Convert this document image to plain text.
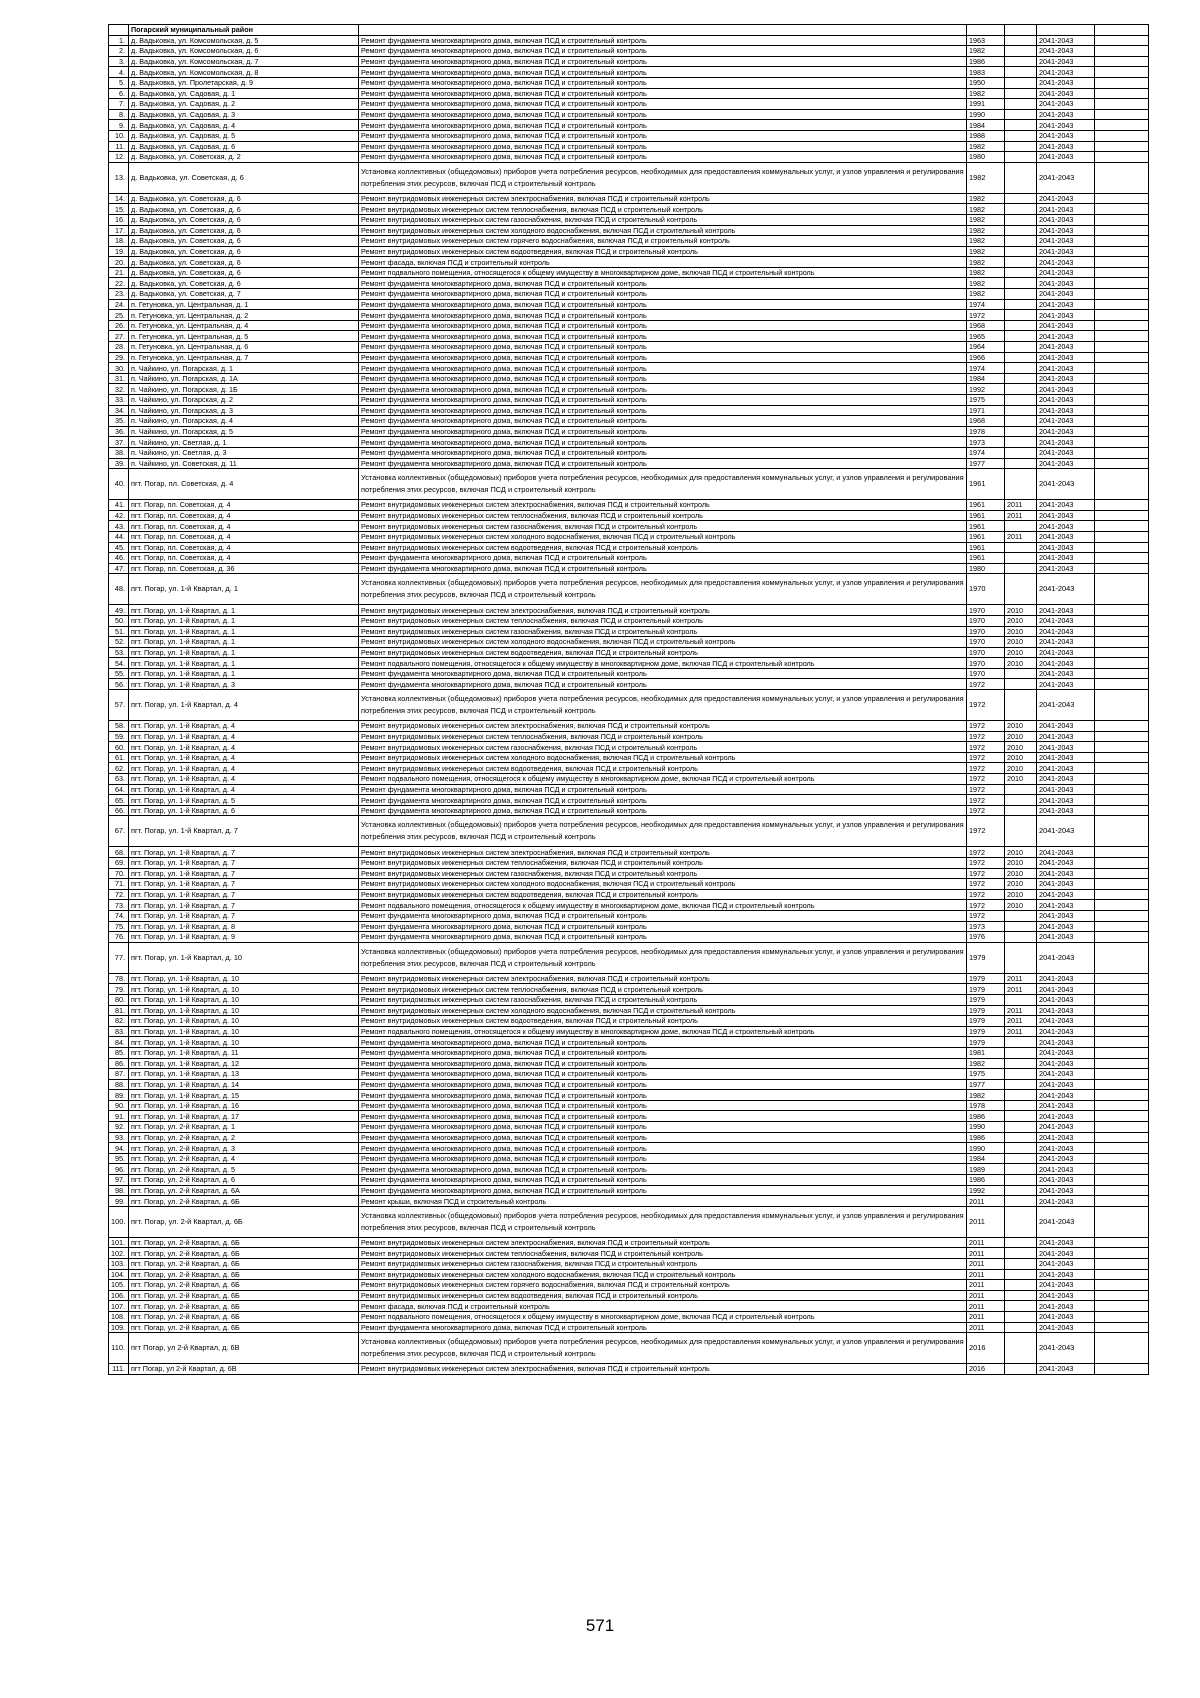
	Погарский муниципальный район					
1.	д. Вадьковка, ул. Комсомольская, д. 5	Ремонт фундамента многоквартирного дома, включая ПСД и строительный контроль	1963		2041-2043	
2.	д. Вадьковка, ул. Комсомольская, д. 6	Ремонт фундамента многоквартирного дома, включая ПСД и строительный контроль	1982		2041-2043	
3.	д. Вадьковка, ул. Комсомольская, д. 7	Ремонт фундамента многоквартирного дома, включая ПСД и строительный контроль	1986		2041-2043	
4.	д. Вадьковка, ул. Комсомольская, д. 8	Ремонт фундамента многоквартирного дома, включая ПСД и строительный контроль	1983		2041-2043	
5.	д. Вадьковка, ул. Пролетарская, д. 9	Ремонт фундамента многоквартирного дома, включая ПСД и строительный контроль	1950		2041-2043	
6.	д. Вадьковка, ул. Садовая, д. 1	Ремонт фундамента многоквартирного дома, включая ПСД и строительный контроль	1982		2041-2043	
7.	д. Вадьковка, ул. Садовая, д. 2	Ремонт фундамента многоквартирного дома, включая ПСД и строительный контроль	1991		2041-2043	
8.	д. Вадьковка, ул. Садовая, д. 3	Ремонт фундамента многоквартирного дома, включая ПСД и строительный контроль	1990		2041-2043	
9.	д. Вадьковка, ул. Садовая, д. 4	Ремонт фундамента многоквартирного дома, включая ПСД и строительный контроль	1984		2041-2043	
10.	д. Вадьковка, ул. Садовая, д. 5	Ремонт фундамента многоквартирного дома, включая ПСД и строительный контроль	1988		2041-2043	
11.	д. Вадьковка, ул. Садовая, д. 6	Ремонт фундамента многоквартирного дома, включая ПСД и строительный контроль	1982		2041-2043	
12.	д. Вадьковка, ул. Советская, д. 2	Ремонт фундамента многоквартирного дома, включая ПСД и строительный контроль	1980		2041-2043	
13.	д. Вадьковка, ул. Советская, д. 6	Установка коллективных (общедомовых) приборов учета потребления ресурсов, необходимых для предоставления коммунальных услуг, и узлов управления и регулирования потребления этих ресурсов, включая ПСД и строительный контроль	1982		2041-2043	
14.	д. Вадьковка, ул. Советская, д. 6	Ремонт внутридомовых инженерных систем электроснабжения, включая ПСД и строительный контроль	1982		2041-2043	
15.	д. Вадьковка, ул. Советская, д. 6	Ремонт внутридомовых инженерных систем теплоснабжения, включая ПСД и строительный контроль	1982		2041-2043	
16.	д. Вадьковка, ул. Советская, д. 6	Ремонт внутридомовых инженерных систем газоснабжения, включая ПСД и строительный контроль	1982		2041-2043	
17.	д. Вадьковка, ул. Советская, д. 6	Ремонт внутридомовых инженерных систем холодного водоснабжения, включая ПСД и строительный контроль	1982		2041-2043	
18.	д. Вадьковка, ул. Советская, д. 6	Ремонт внутридомовых инженерных систем горячего водоснабжения, включая ПСД и строительный контроль	1982		2041-2043	
19.	д. Вадьковка, ул. Советская, д. 6	Ремонт внутридомовых инженерных систем водоотведения, включая ПСД и строительный контроль	1982		2041-2043	
20.	д. Вадьковка, ул. Советская, д. 6	Ремонт фасада, включая ПСД и строительный контроль	1982		2041-2043	
21.	д. Вадьковка, ул. Советская, д. 6	Ремонт подвального помещения, относящегося к общему имуществу в многоквартирном доме, включая ПСД и строительный контроль	1982		2041-2043	
22.	д. Вадьковка, ул. Советская, д. 6	Ремонт фундамента многоквартирного дома, включая ПСД и строительный контроль	1982		2041-2043	
23.	д. Вадьковка, ул. Советская, д. 7	Ремонт фундамента многоквартирного дома, включая ПСД и строительный контроль	1982		2041-2043	
24.	п. Гетуновка, ул. Центральная, д. 1	Ремонт фундамента многоквартирного дома, включая ПСД и строительный контроль	1974		2041-2043	
25.	п. Гетуновка, ул. Центральная, д. 2	Ремонт фундамента многоквартирного дома, включая ПСД и строительный контроль	1972		2041-2043	
26.	п. Гетуновка, ул. Центральная, д. 4	Ремонт фундамента многоквартирного дома, включая ПСД и строительный контроль	1968		2041-2043	
27.	п. Гетуновка, ул. Центральная, д. 5	Ремонт фундамента многоквартирного дома, включая ПСД и строительный контроль	1965		2041-2043	
28.	п. Гетуновка, ул. Центральная, д. 6	Ремонт фундамента многоквартирного дома, включая ПСД и строительный контроль	1964		2041-2043	
29.	п. Гетуновка, ул. Центральная, д. 7	Ремонт фундамента многоквартирного дома, включая ПСД и строительный контроль	1966		2041-2043	
30.	п. Чайкино, ул. Погарская, д. 1	Ремонт фундамента многоквартирного дома, включая ПСД и строительный контроль	1974		2041-2043	
31.	п. Чайкино, ул. Погарская, д. 1А	Ремонт фундамента многоквартирного дома, включая ПСД и строительный контроль	1984		2041-2043	
32.	п. Чайкино, ул. Погарская, д. 1Б	Ремонт фундамента многоквартирного дома, включая ПСД и строительный контроль	1992		2041-2043	
33.	п. Чайкино, ул. Погарская, д. 2	Ремонт фундамента многоквартирного дома, включая ПСД и строительный контроль	1975		2041-2043	
34.	п. Чайкино, ул. Погарская, д. 3	Ремонт фундамента многоквартирного дома, включая ПСД и строительный контроль	1971		2041-2043	
35.	п. Чайкино, ул. Погарская, д. 4	Ремонт фундамента многоквартирного дома, включая ПСД и строительный контроль	1968		2041-2043	
36.	п. Чайкино, ул. Погарская, д. 5	Ремонт фундамента многоквартирного дома, включая ПСД и строительный контроль	1978		2041-2043	
37.	п. Чайкино, ул. Светлая, д. 1	Ремонт фундамента многоквартирного дома, включая ПСД и строительный контроль	1973		2041-2043	
38.	п. Чайкино, ул. Светлая, д. 3	Ремонт фундамента многоквартирного дома, включая ПСД и строительный контроль	1974		2041-2043	
39.	п. Чайкино, ул. Советская, д. 11	Ремонт фундамента многоквартирного дома, включая ПСД и строительный контроль	1977		2041-2043	
40.	пгт. Погар, пл. Советская, д. 4	Установка коллективных (общедомовых) приборов учета потребления ресурсов, необходимых для предоставления коммунальных услуг, и узлов управления и регулирования потребления этих ресурсов, включая ПСД и строительный контроль	1961		2041-2043	
41.	пгт. Погар, пл. Советская, д. 4	Ремонт внутридомовых инженерных систем электроснабжения, включая ПСД и строительный контроль	1961	2011	2041-2043	
42.	пгт. Погар, пл. Советская, д. 4	Ремонт внутридомовых инженерных систем теплоснабжения, включая ПСД и строительный контроль	1961	2011	2041-2043	
43.	пгт. Погар, пл. Советская, д. 4	Ремонт внутридомовых инженерных систем газоснабжения, включая ПСД и строительный контроль	1961		2041-2043	
44.	пгт. Погар, пл. Советская, д. 4	Ремонт внутридомовых инженерных систем холодного водоснабжения, включая ПСД и строительный контроль	1961	2011	2041-2043	
45.	пгт. Погар, пл. Советская, д. 4	Ремонт внутридомовых инженерных систем водоотведения, включая ПСД и строительный контроль	1961		2041-2043	
46.	пгт. Погар, пл. Советская, д. 4	Ремонт фундамента многоквартирного дома, включая ПСД и строительный контроль	1961		2041-2043	
47.	пгт. Погар, пл. Советская, д. 36	Ремонт фундамента многоквартирного дома, включая ПСД и строительный контроль	1980		2041-2043	
48.	пгт. Погар, ул. 1-й Квартал, д. 1	Установка коллективных (общедомовых) приборов учета потребления ресурсов, необходимых для предоставления коммунальных услуг, и узлов управления и регулирования потребления этих ресурсов, включая ПСД и строительный контроль	1970		2041-2043	
49.	пгт. Погар, ул. 1-й Квартал, д. 1	Ремонт внутридомовых инженерных систем электроснабжения, включая ПСД и строительный контроль	1970	2010	2041-2043	
50.	пгт. Погар, ул. 1-й Квартал, д. 1	Ремонт внутридомовых инженерных систем теплоснабжения, включая ПСД и строительный контроль	1970	2010	2041-2043	
51.	пгт. Погар, ул. 1-й Квартал, д. 1	Ремонт внутридомовых инженерных систем газоснабжения, включая ПСД и строительный контроль	1970	2010	2041-2043	
52.	пгт. Погар, ул. 1-й Квартал, д. 1	Ремонт внутридомовых инженерных систем холодного водоснабжения, включая ПСД и строительный контроль	1970	2010	2041-2043	
53.	пгт. Погар, ул. 1-й Квартал, д. 1	Ремонт внутридомовых инженерных систем водоотведения, включая ПСД и строительный контроль	1970	2010	2041-2043	
54.	пгт. Погар, ул. 1-й Квартал, д. 1	Ремонт подвального помещения, относящегося к общему имуществу в многоквартирном доме, включая ПСД и строительный контроль	1970	2010	2041-2043	
55.	пгт. Погар, ул. 1-й Квартал, д. 1	Ремонт фундамента многоквартирного дома, включая ПСД и строительный контроль	1970		2041-2043	
56.	пгт. Погар, ул. 1-й Квартал, д. 3	Ремонт фундамента многоквартирного дома, включая ПСД и строительный контроль	1972		2041-2043	
57.	пгт. Погар, ул. 1-й Квартал, д. 4	Установка коллективных (общедомовых) приборов учета потребления ресурсов, необходимых для предоставления коммунальных услуг, и узлов управления и регулирования потребления этих ресурсов, включая ПСД и строительный контроль	1972		2041-2043	
58.	пгт. Погар, ул. 1-й Квартал, д. 4	Ремонт внутридомовых инженерных систем электроснабжения, включая ПСД и строительный контроль	1972	2010	2041-2043	
59.	пгт. Погар, ул. 1-й Квартал, д. 4	Ремонт внутридомовых инженерных систем теплоснабжения, включая ПСД и строительный контроль	1972	2010	2041-2043	
60.	пгт. Погар, ул. 1-й Квартал, д. 4	Ремонт внутридомовых инженерных систем газоснабжения, включая ПСД и строительный контроль	1972	2010	2041-2043	
61.	пгт. Погар, ул. 1-й Квартал, д. 4	Ремонт внутридомовых инженерных систем холодного водоснабжения, включая ПСД и строительный контроль	1972	2010	2041-2043	
62.	пгт. Погар, ул. 1-й Квартал, д. 4	Ремонт внутридомовых инженерных систем водоотведения, включая ПСД и строительный контроль	1972	2010	2041-2043	
63.	пгт. Погар, ул. 1-й Квартал, д. 4	Ремонт подвального помещения, относящегося к общему имуществу в многоквартирном доме, включая ПСД и строительный контроль	1972	2010	2041-2043	
64.	пгт. Погар, ул. 1-й Квартал, д. 4	Ремонт фундамента многоквартирного дома, включая ПСД и строительный контроль	1972		2041-2043	
65.	пгт. Погар, ул. 1-й Квартал, д. 5	Ремонт фундамента многоквартирного дома, включая ПСД и строительный контроль	1972		2041-2043	
66.	пгт. Погар, ул. 1-й Квартал, д. 6	Ремонт фундамента многоквартирного дома, включая ПСД и строительный контроль	1972		2041-2043	
67.	пгт. Погар, ул. 1-й Квартал, д. 7	Установка коллективных (общедомовых) приборов учета потребления ресурсов, необходимых для предоставления коммунальных услуг, и узлов управления и регулирования потребления этих ресурсов, включая ПСД и строительный контроль	1972		2041-2043	
68.	пгт. Погар, ул. 1-й Квартал, д. 7	Ремонт внутридомовых инженерных систем электроснабжения, включая ПСД и строительный контроль	1972	2010	2041-2043	
69.	пгт. Погар, ул. 1-й Квартал, д. 7	Ремонт внутридомовых инженерных систем теплоснабжения, включая ПСД и строительный контроль	1972	2010	2041-2043	
70.	пгт. Погар, ул. 1-й Квартал, д. 7	Ремонт внутридомовых инженерных систем газоснабжения, включая ПСД и строительный контроль	1972	2010	2041-2043	
71.	пгт. Погар, ул. 1-й Квартал, д. 7	Ремонт внутридомовых инженерных систем холодного водоснабжения, включая ПСД и строительный контроль	1972	2010	2041-2043	
72.	пгт. Погар, ул. 1-й Квартал, д. 7	Ремонт внутридомовых инженерных систем водоотведения, включая ПСД и строительный контроль	1972	2010	2041-2043	
73.	пгт. Погар, ул. 1-й Квартал, д. 7	Ремонт подвального помещения, относящегося к общему имуществу в многоквартирном доме, включая ПСД и строительный контроль	1972	2010	2041-2043	
74.	пгт. Погар, ул. 1-й Квартал, д. 7	Ремонт фундамента многоквартирного дома, включая ПСД и строительный контроль	1972		2041-2043	
75.	пгт. Погар, ул. 1-й Квартал, д. 8	Ремонт фундамента многоквартирного дома, включая ПСД и строительный контроль	1973		2041-2043	
76.	пгт. Погар, ул. 1-й Квартал, д. 9	Ремонт фундамента многоквартирного дома, включая ПСД и строительный контроль	1976		2041-2043	
77.	пгт. Погар, ул. 1-й Квартал, д. 10	Установка коллективных (общедомовых) приборов учета потребления ресурсов, необходимых для предоставления коммунальных услуг, и узлов управления и регулирования потребления этих ресурсов, включая ПСД и строительный контроль	1979		2041-2043	
78.	пгт. Погар, ул. 1-й Квартал, д. 10	Ремонт внутридомовых инженерных систем электроснабжения, включая ПСД и строительный контроль	1979	2011	2041-2043	
79.	пгт. Погар, ул. 1-й Квартал, д. 10	Ремонт внутридомовых инженерных систем теплоснабжения, включая ПСД и строительный контроль	1979	2011	2041-2043	
80.	пгт. Погар, ул. 1-й Квартал, д. 10	Ремонт внутридомовых инженерных систем газоснабжения, включая ПСД и строительный контроль	1979		2041-2043	
81.	пгт. Погар, ул. 1-й Квартал, д. 10	Ремонт внутридомовых инженерных систем холодного водоснабжения, включая ПСД и строительный контроль	1979	2011	2041-2043	
82.	пгт. Погар, ул. 1-й Квартал, д. 10	Ремонт внутридомовых инженерных систем водоотведения, включая ПСД и строительный контроль	1979	2011	2041-2043	
83.	пгт. Погар, ул. 1-й Квартал, д. 10	Ремонт подвального помещения, относящегося к общему имуществу в многоквартирном доме, включая ПСД и строительный контроль	1979	2011	2041-2043	
84.	пгт. Погар, ул. 1-й Квартал, д. 10	Ремонт фундамента многоквартирного дома, включая ПСД и строительный контроль	1979		2041-2043	
85.	пгт. Погар, ул. 1-й Квартал, д. 11	Ремонт фундамента многоквартирного дома, включая ПСД и строительный контроль	1981		2041-2043	
86.	пгт. Погар, ул. 1-й Квартал, д. 12	Ремонт фундамента многоквартирного дома, включая ПСД и строительный контроль	1982		2041-2043	
87.	пгт. Погар, ул. 1-й Квартал, д. 13	Ремонт фундамента многоквартирного дома, включая ПСД и строительный контроль	1975		2041-2043	
88.	пгт. Погар, ул. 1-й Квартал, д. 14	Ремонт фундамента многоквартирного дома, включая ПСД и строительный контроль	1977		2041-2043	
89.	пгт. Погар, ул. 1-й Квартал, д. 15	Ремонт фундамента многоквартирного дома, включая ПСД и строительный контроль	1982		2041-2043	
90.	пгт. Погар, ул. 1-й Квартал, д. 16	Ремонт фундамента многоквартирного дома, включая ПСД и строительный контроль	1978		2041-2043	
91.	пгт. Погар, ул. 1-й Квартал, д. 17	Ремонт фундамента многоквартирного дома, включая ПСД и строительный контроль	1986		2041-2043	
92.	пгт. Погар, ул. 2-й Квартал, д. 1	Ремонт фундамента многоквартирного дома, включая ПСД и строительный контроль	1990		2041-2043	
93.	пгт. Погар, ул. 2-й Квартал, д. 2	Ремонт фундамента многоквартирного дома, включая ПСД и строительный контроль	1986		2041-2043	
94.	пгт. Погар, ул. 2-й Квартал, д. 3	Ремонт фундамента многоквартирного дома, включая ПСД и строительный контроль	1990		2041-2043	
95.	пгт. Погар, ул. 2-й Квартал, д. 4	Ремонт фундамента многоквартирного дома, включая ПСД и строительный контроль	1984		2041-2043	
96.	пгт. Погар, ул. 2-й Квартал, д. 5	Ремонт фундамента многоквартирного дома, включая ПСД и строительный контроль	1989		2041-2043	
97.	пгт. Погар, ул. 2-й Квартал, д. 6	Ремонт фундамента многоквартирного дома, включая ПСД и строительный контроль	1986		2041-2043	
98.	пгт. Погар, ул. 2-й Квартал, д. 6А	Ремонт фундамента многоквартирного дома, включая ПСД и строительный контроль	1992		2041-2043	
99.	пгт. Погар, ул. 2-й Квартал, д. 6Б	Ремонт крыши, включая ПСД и строительный контроль	2011		2041-2043	
100.	пгт. Погар, ул. 2-й Квартал, д. 6Б	Установка коллективных (общедомовых) приборов учета потребления ресурсов, необходимых для предоставления коммунальных услуг, и узлов управления и регулирования потребления этих ресурсов, включая ПСД и строительный контроль	2011		2041-2043	
101.	пгт. Погар, ул. 2-й Квартал, д. 6Б	Ремонт внутридомовых инженерных систем электроснабжения, включая ПСД и строительный контроль	2011		2041-2043	
102.	пгт. Погар, ул. 2-й Квартал, д. 6Б	Ремонт внутридомовых инженерных систем теплоснабжения, включая ПСД и строительный контроль	2011		2041-2043	
103.	пгт. Погар, ул. 2-й Квартал, д. 6Б	Ремонт внутридомовых инженерных систем газоснабжения, включая ПСД и строительный контроль	2011		2041-2043	
104.	пгт. Погар, ул. 2-й Квартал, д. 6Б	Ремонт внутридомовых инженерных систем холодного водоснабжения, включая ПСД и строительный контроль	2011		2041-2043	
105.	пгт. Погар, ул. 2-й Квартал, д. 6Б	Ремонт внутридомовых инженерных систем горячего водоснабжения, включая ПСД и строительный контроль	2011		2041-2043	
106.	пгт. Погар, ул. 2-й Квартал, д. 6Б	Ремонт внутридомовых инженерных систем водоотведения, включая ПСД и строительный контроль	2011		2041-2043	
107.	пгт. Погар, ул. 2-й Квартал, д. 6Б	Ремонт фасада, включая ПСД и строительный контроль	2011		2041-2043	
108.	пгт. Погар, ул. 2-й Квартал, д. 6Б	Ремонт подвального помещения, относящегося к общему имуществу в многоквартирном доме, включая ПСД и строительный контроль	2011		2041-2043	
109.	пгт. Погар, ул. 2-й Квартал, д. 6Б	Ремонт фундамента многоквартирного дома, включая ПСД и строительный контроль	2011		2041-2043	
110.	пгт Погар, ул 2-й Квартал, д. 6В	Установка коллективных (общедомовых) приборов учета потребления ресурсов, необходимых для предоставления коммунальных услуг, и узлов управления и регулирования потребления этих ресурсов, включая ПСД и строительный контроль	2016		2041-2043	
111.	пгт Погар, ул 2-й Квартал, д. 6В	Ремонт внутридомовых инженерных систем электроснабжения, включая ПСД и строительный контроль	2016		2041-2043	
571
